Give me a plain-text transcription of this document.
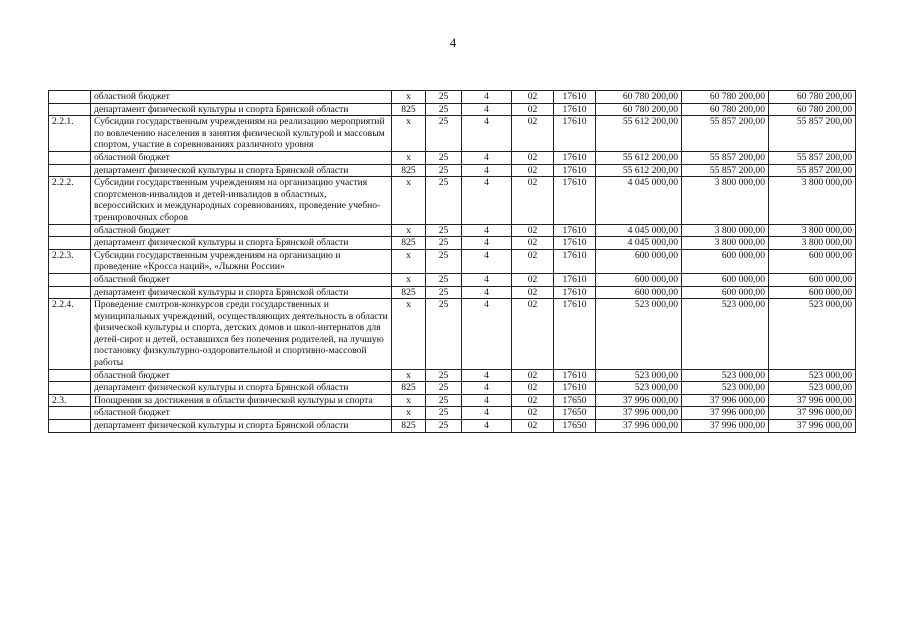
4
	областной бюджет	х	25	4	02	17610	60 780 200,00	60 780 200,00	60 780 200,00
	департамент физической культуры и спорта Брянской области	825	25	4	02	17610	60 780 200,00	60 780 200,00	60 780 200,00
2.2.1.	Субсидии государственным учреждениям на реализацию мероприятий по вовлечению населения в занятия физической культурой и массовым спортом, участие в соревнованиях различного уровня	х	25	4	02	17610	55 612 200,00	55 857 200,00	55 857 200,00
	областной бюджет	х	25	4	02	17610	55 612 200,00	55 857 200,00	55 857 200,00
	департамент физической культуры и спорта Брянской области	825	25	4	02	17610	55 612 200,00	55 857 200,00	55 857 200,00
2.2.2.	Субсидии государственным учреждениям на организацию участия спортсменов-инвалидов и детей-инвалидов в областных, всероссийских и международных соревнованиях, проведение учебно-тренировочных сборов	х	25	4	02	17610	4 045 000,00	3 800 000,00	3 800 000,00
	областной бюджет	х	25	4	02	17610	4 045 000,00	3 800 000,00	3 800 000,00
	департамент физической культуры и спорта Брянской области	825	25	4	02	17610	4 045 000,00	3 800 000,00	3 800 000,00
2.2.3.	Субсидии государственным учреждениям на организацию и проведение «Кросса наций», «Лыжни России»	х	25	4	02	17610	600 000,00	600 000,00	600 000,00
	областной бюджет	х	25	4	02	17610	600 000,00	600 000,00	600 000,00
	департамент физической культуры и спорта Брянской области	825	25	4	02	17610	600 000,00	600 000,00	600 000,00
2.2.4.	Проведение смотров-конкурсов среди государственных и муниципальных учреждений, осуществляющих деятельность в области физической культуры и спорта, детских домов и школ-интернатов для детей-сирот и детей, оставшихся без попечения родителей, на лучшую постановку физкультурно-оздоровительной и спортивно-массовой работы	х	25	4	02	17610	523 000,00	523 000,00	523 000,00
	областной бюджет	х	25	4	02	17610	523 000,00	523 000,00	523 000,00
	департамент физической культуры и спорта Брянской области	825	25	4	02	17610	523 000,00	523 000,00	523 000,00
2.3.	Поощрения за достижения в области физической культуры и спорта	х	25	4	02	17650	37 996 000,00	37 996 000,00	37 996 000,00
	областной бюджет	х	25	4	02	17650	37 996 000,00	37 996 000,00	37 996 000,00
	департамент физической культуры и спорта Брянской области	825	25	4	02	17650	37 996 000,00	37 996 000,00	37 996 000,00
